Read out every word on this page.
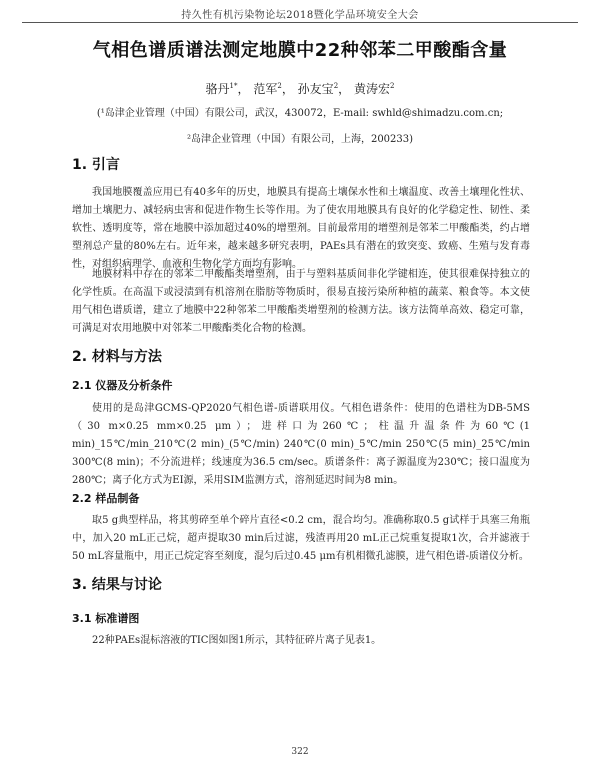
持久性有机污染物论坛2018暨化学品环境安全大会
气相色谱质谱法测定地膜中22种邻苯二甲酸酯含量
骆丹$^{1*}$， 范军$^2$， 孙友宝$^2$， 黄涛宏$^2$
(¹岛津企业管理（中国）有限公司，武汉，430072，E-mail: swhld@shimadzu.com.cn;
²岛津企业管理（中国）有限公司，上海，200233)
1. 引言

我国地膜覆盖应用已有40多年的历史，地膜具有提高土壤保水性和土壤温度、改善土壤理化性状、增加土壤肥力、减轻病虫害和促进作物生长等作用。为了使农用地膜具有良好的化学稳定性、韧性、柔软性、透明度等，常在地膜中添加超过40%的增塑剂。目前最常用的增塑剂是邻苯二甲酸酯类，约占增塑剂总产量的80%左右。近年来，越来越多研究表明，PAEs具有潜在的致突变、致癌、生殖与发育毒性，对组织病理学、血液和生物化学方面均有影响。

地膜材料中存在的邻苯二甲酸酯类增塑剂，由于与塑料基质间非化学键相连，使其很难保持独立的化学性质。在高温下或浸渍到有机溶剂在脂肪等物质时，很易直接污染所种植的蔬菜、粮食等。本文使用气相色谱质谱，建立了地膜中22种邻苯二甲酸酯类增塑剂的检测方法。该方法简单高效、稳定可靠，可满足对农用地膜中对邻苯二甲酸酯类化合物的检测。

2. 材料与方法
2.1 仪器及分析条件

使用的是岛津GCMS-QP2020气相色谱-质谱联用仪。气相色谱条件：使用的色谱柱为DB-5MS（30 m×0.25 mm×0.25 μm）；进样口为260℃；柱温升温条件为60℃(1 min)_15℃/min_210℃(2 min)_(5℃/min) 240℃(0 min)_5℃/min 250℃(5 min)_25℃/min 300℃(8 min)；不分流进样；线速度为36.5 cm/sec。质谱条件：离子源温度为230℃；接口温度为280℃；离子化方式为EI源，采用SIM监测方式，溶剂延迟时间为8 min。

2.2 样品制备

取5 g典型样品，将其剪碎至单个碎片直径<0.2 cm，混合均匀。准确称取0.5 g试样于具塞三角瓶中，加入20 mL正己烷，超声提取30 min后过滤，残渣再用20 mL正己烷重复提取1次，合并滤液于50 mL容量瓶中，用正己烷定容至刻度，混匀后过0.45 μm有机相微孔滤膜，进气相色谱-质谱仪分析。

3. 结果与讨论
3.1 标准谱图

22种PAEs混标溶液的TIC图如图1所示，其特征碎片离子见表1。

322
